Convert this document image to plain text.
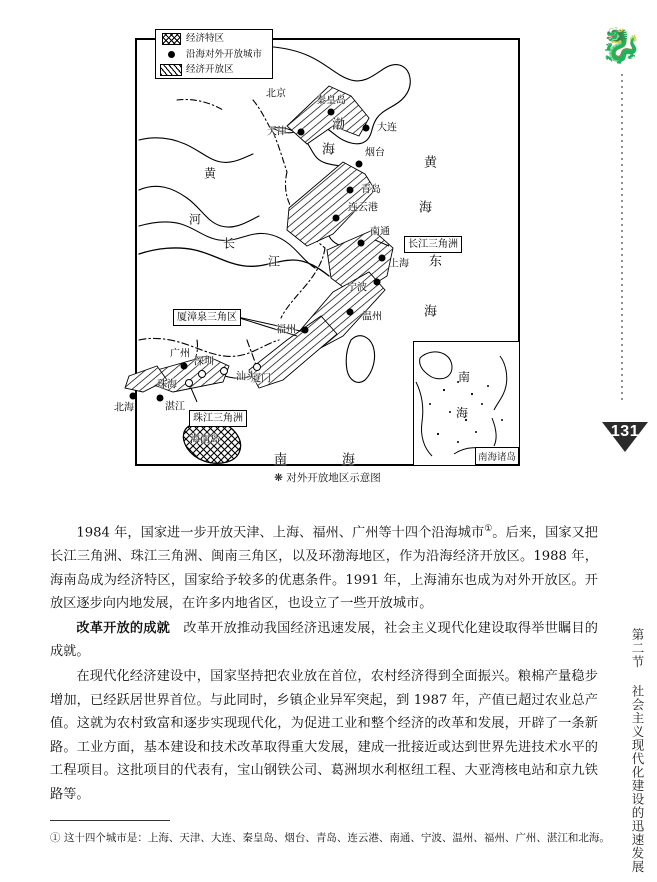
经济特区
沿海对外开放城市
经济开放区
渤
海
黄
海
东
海
南	海
黄
河
长
江
海南岛
北京
秦皇岛
天津	大连
烟台
青岛
连云港
南通
上海
宁波
温州
福州
厦门
汕头
深圳
珠海
广州
湛江
北海
长江三角洲
厦漳泉三角区
珠江三角洲
南
海
南海诸岛
❋ 对外开放地区示意图

1984 年，国家进一步开放天津、上海、福州、广州等十四个沿海城市①。后来，国家又把长江三角洲、珠江三角洲、闽南三角区，以及环渤海地区，作为沿海经济开放区。1988 年，海南岛成为经济特区，国家给予较多的优惠条件。1991 年，上海浦东也成为对外开放区。开放区逐步向内地发展，在许多内地省区，也设立了一些开放城市。

改革开放的成就　改革开放推动我国经济迅速发展，社会主义现代化建设取得举世瞩目的成就。

在现代化经济建设中，国家坚持把农业放在首位，农村经济得到全面振兴。粮棉产量稳步增加，已经跃居世界首位。与此同时，乡镇企业异军突起，到 1987 年，产值已超过农业总产值。这就为农村致富和逐步实现现代化，为促进工业和整个经济的改革和发展，开辟了一条新路。工业方面，基本建设和技术改革取得重大发展，建成一批接近或达到世界先进技术水平的工程项目。这批项目的代表有，宝山钢铁公司、葛洲坝水利枢纽工程、大亚湾核电站和京九铁路等。

① 这十四个城市是：上海、天津、大连、秦皇岛、烟台、青岛、连云港、南通、宁波、温州、福州、广州、湛江和北海。
🐉
131
第二节 社会主义现代化建设的迅速发展
